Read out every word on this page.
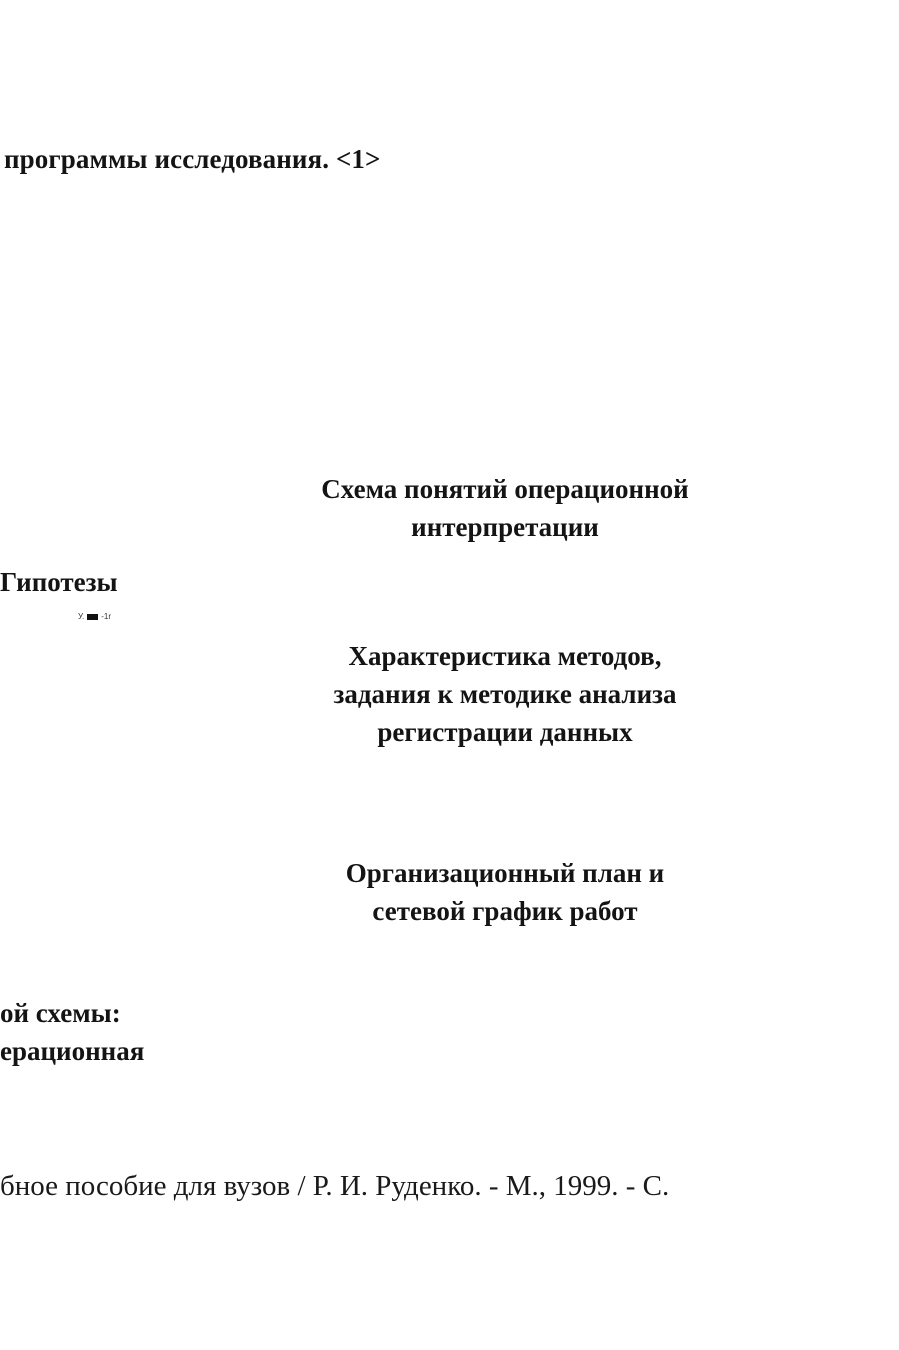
программы исследования. <1>
Схема понятий операционной
интерпретации
Гипотезы
У. -1r
Характеристика методов,
задания к методике анализа
регистрации данных
Организационный план и
сетевой график работ
ой схемы:
ерационная
бное пособие для вузов / Р. И. Руденко. - М., 1999. - С.
